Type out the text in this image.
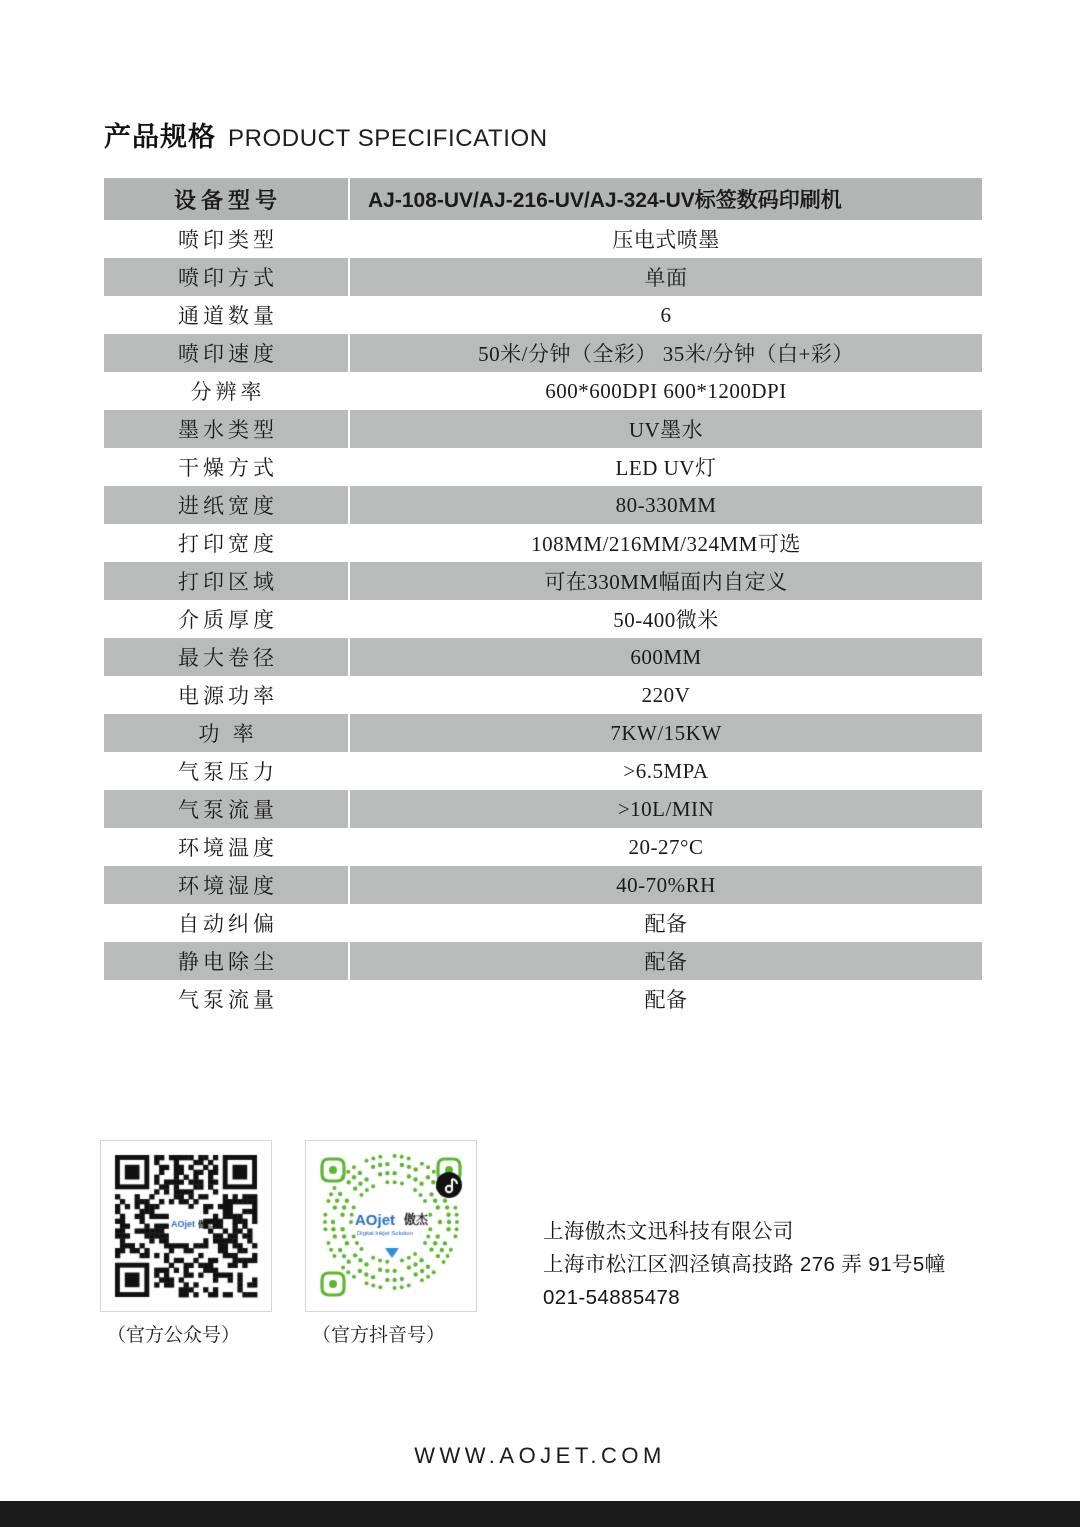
产品规格 PRODUCT SPECIFICATION
设备型号	AJ-108-UV/AJ-216-UV/AJ-324-UV标签数码印刷机
喷印类型	压电式喷墨
喷印方式	单面
通道数量	6
喷印速度	50米/分钟（全彩） 35米/分钟（白+彩）
分辨率	600*600DPI 600*1200DPI
墨水类型	UV墨水
干燥方式	LED UV灯
进纸宽度	80-330MM
打印宽度	108MM/216MM/324MM可选
打印区域	可在330MM幅面内自定义
介质厚度	50-400微米
最大卷径	600MM
电源功率	220V
功 率	7KW/15KW
气泵压力	>6.5MPA
气泵流量	>10L/MIN
环境温度	20-27°C
环境湿度	40-70%RH
自动纠偏	配备
静电除尘	配备
气泵流量	配备
（官方公众号）	（官方抖音号）
上海傲杰文迅科技有限公司
上海市松江区泗泾镇高技路 276 弄 91号5幢
021-54885478
WWW.AOJET.COM
